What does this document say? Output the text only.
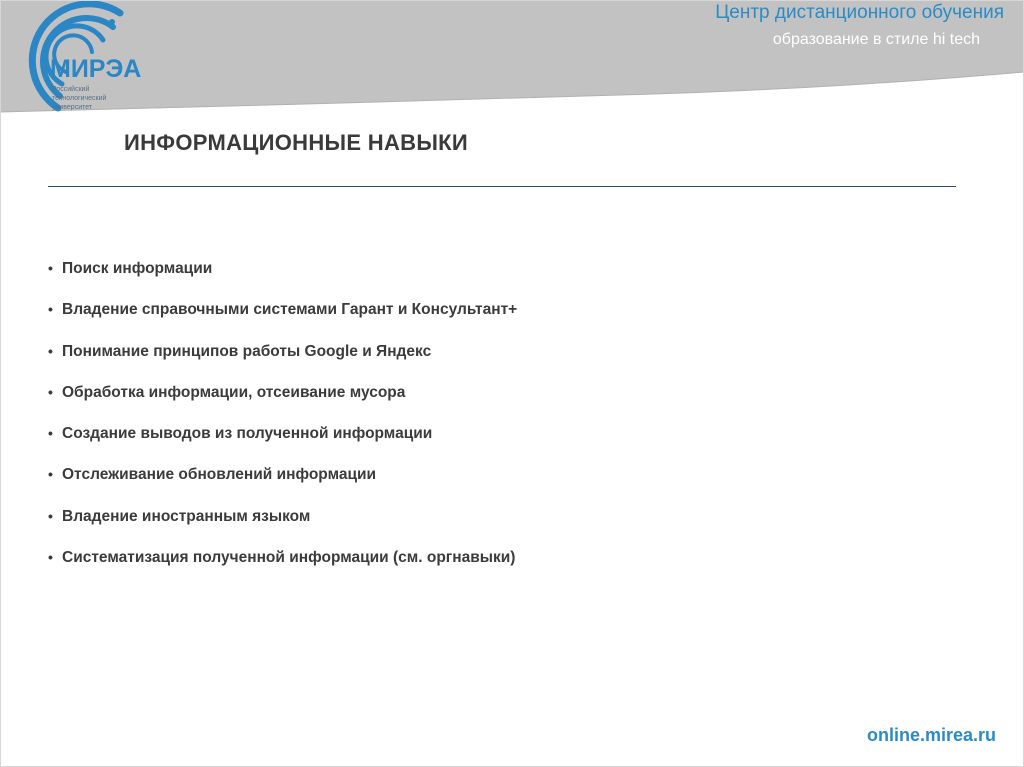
МИРЭА
Российский
технологический
университет
Центр дистанционного обучения
образование в стиле hi tech
ИНФОРМАЦИОННЫЕ НАВЫКИ
• Поиск информации
• Владение справочными системами Гарант и Консультант+
• Понимание принципов работы Google и Яндекс
• Обработка информации, отсеивание мусора
• Создание выводов из полученной информации
• Отслеживание обновлений информации
• Владение иностранным языком
• Систематизация полученной информации (см. оргнавыки)
online.mirea.ru
